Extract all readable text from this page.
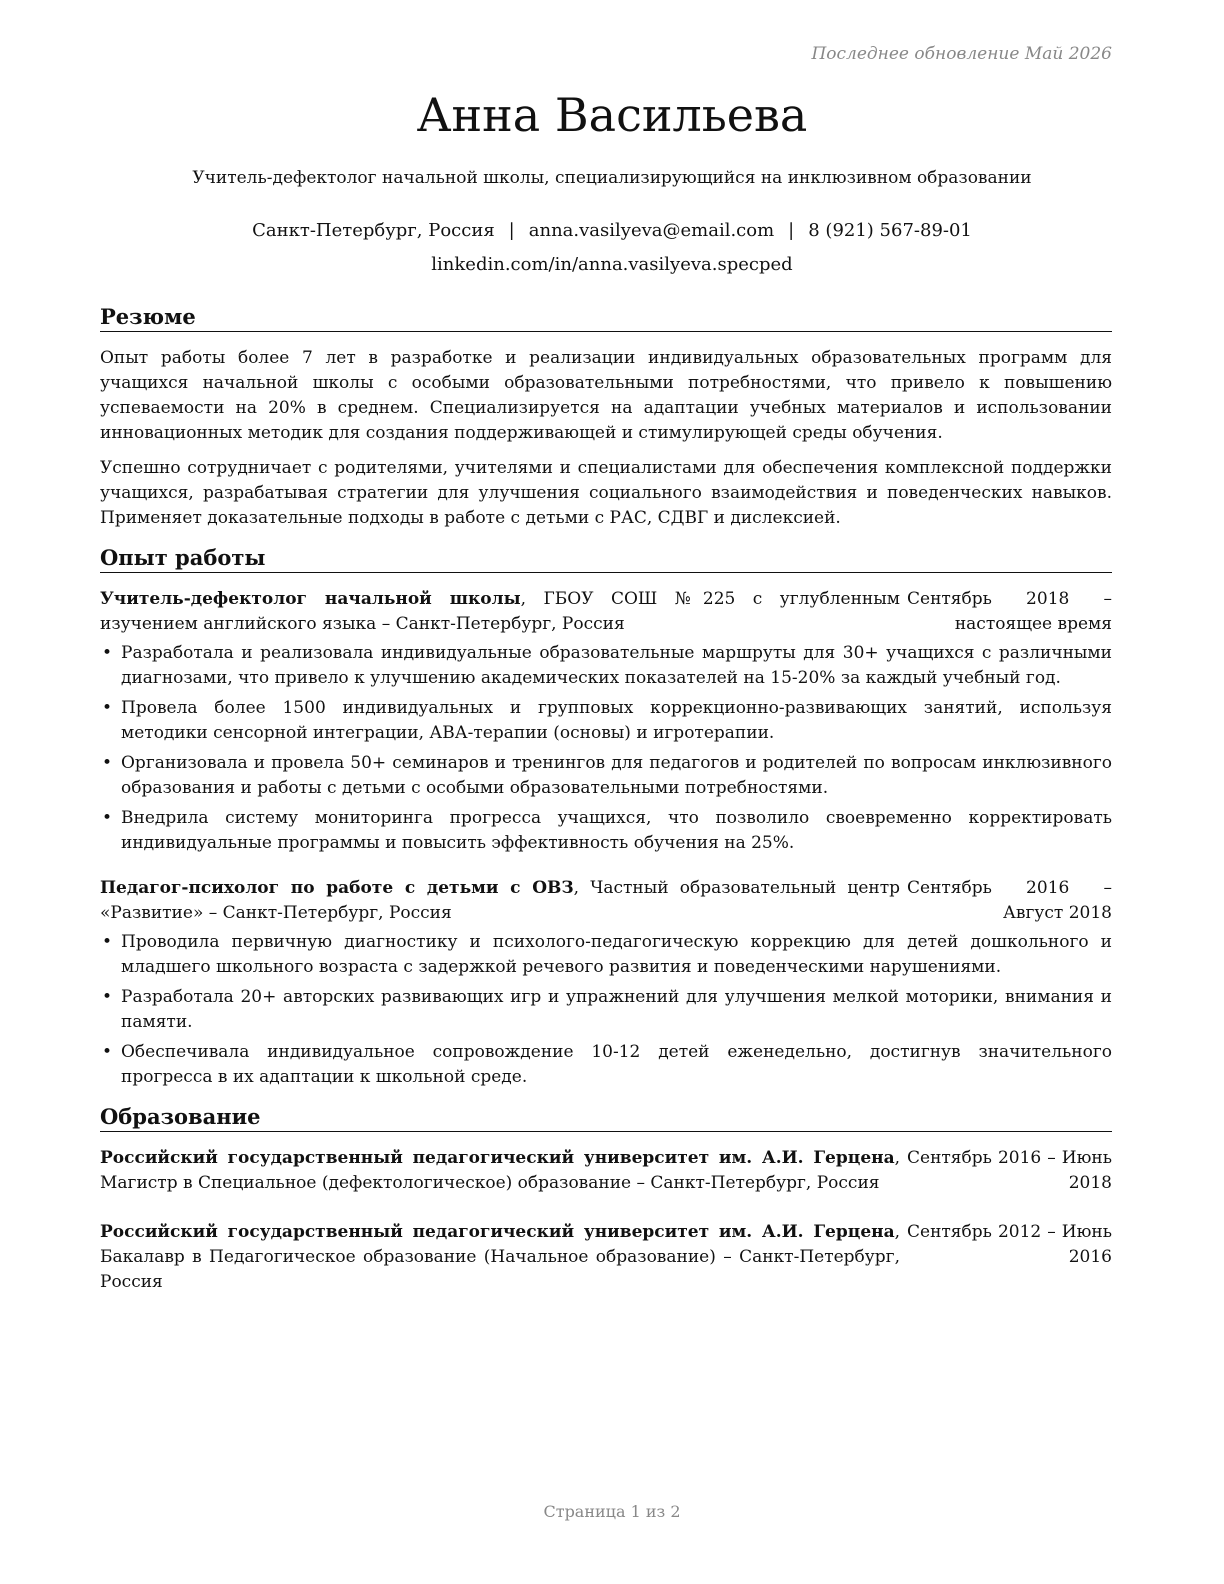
Последнее обновление Май 2026
Анна Васильева
Учитель-дефектолог начальной школы, специализирующийся на инклюзивном образовании
Санкт-Петербург, Россия | anna.vasilyeva@email.com | 8 (921) 567-89-01
linkedin.com/in/anna.vasilyeva.specped
Резюме

Опыт работы более 7 лет в разработке и реализации индивидуальных образовательных программ для учащихся начальной школы с особыми образовательными потребностями, что привело к повышению успеваемости на 20% в среднем. Специализируется на адаптации учебных материалов и использовании инновационных методик для создания поддерживающей и стимулирующей среды обучения.

Успешно сотрудничает с родителями, учителями и специалистами для обеспечения комплексной поддержки учащихся, разрабатывая стратегии для улучшения социального взаимодействия и поведенческих навыков. Применяет доказательные подходы в работе с детьми с РАС, СДВГ и дислексией.

Опыт работы
Учитель-дефектолог начальной школы, ГБОУ СОШ №225 с углубленным изучением английского языка – Санкт-Петербург, Россия
Сентябрь 2018 – настоящее время
• Разработала и реализовала индивидуальные образовательные маршруты для 30+ учащихся с различными диагнозами, что привело к улучшению академических показателей на 15-20% за каждый учебный год.
• Провела более 1500 индивидуальных и групповых коррекционно-развивающих занятий, используя методики сенсорной интеграции, АВА-терапии (основы) и игротерапии.
• Организовала и провела 50+ семинаров и тренингов для педагогов и родителей по вопросам инклюзивного образования и работы с детьми с особыми образовательными потребностями.
• Внедрила систему мониторинга прогресса учащихся, что позволило своевременно корректировать индивидуальные программы и повысить эффективность обучения на 25%.
Педагог-психолог по работе с детьми с ОВЗ, Частный образовательный центр «Развитие» – Санкт-Петербург, Россия
Сентябрь 2016 – Август 2018
• Проводила первичную диагностику и психолого-педагогическую коррекцию для детей дошкольного и младшего школьного возраста с задержкой речевого развития и поведенческими нарушениями.
• Разработала 20+ авторских развивающих игр и упражнений для улучшения мелкой моторики, внимания и памяти.
• Обеспечивала индивидуальное сопровождение 10-12 детей еженедельно, достигнув значительного прогресса в их адаптации к школьной среде.
Образование
Российский государственный педагогический университет им. А.И. Герцена, Магистр в Специальное (дефектологическое) образование – Санкт-Петербург, Россия
Сентябрь 2016 – Июнь 2018
Российский государственный педагогический университет им. А.И. Герцена, Бакалавр в Педагогическое образование (Начальное образование) – Санкт-Петербург, Россия
Сентябрь 2012 – Июнь 2016
Страница 1 из 2
